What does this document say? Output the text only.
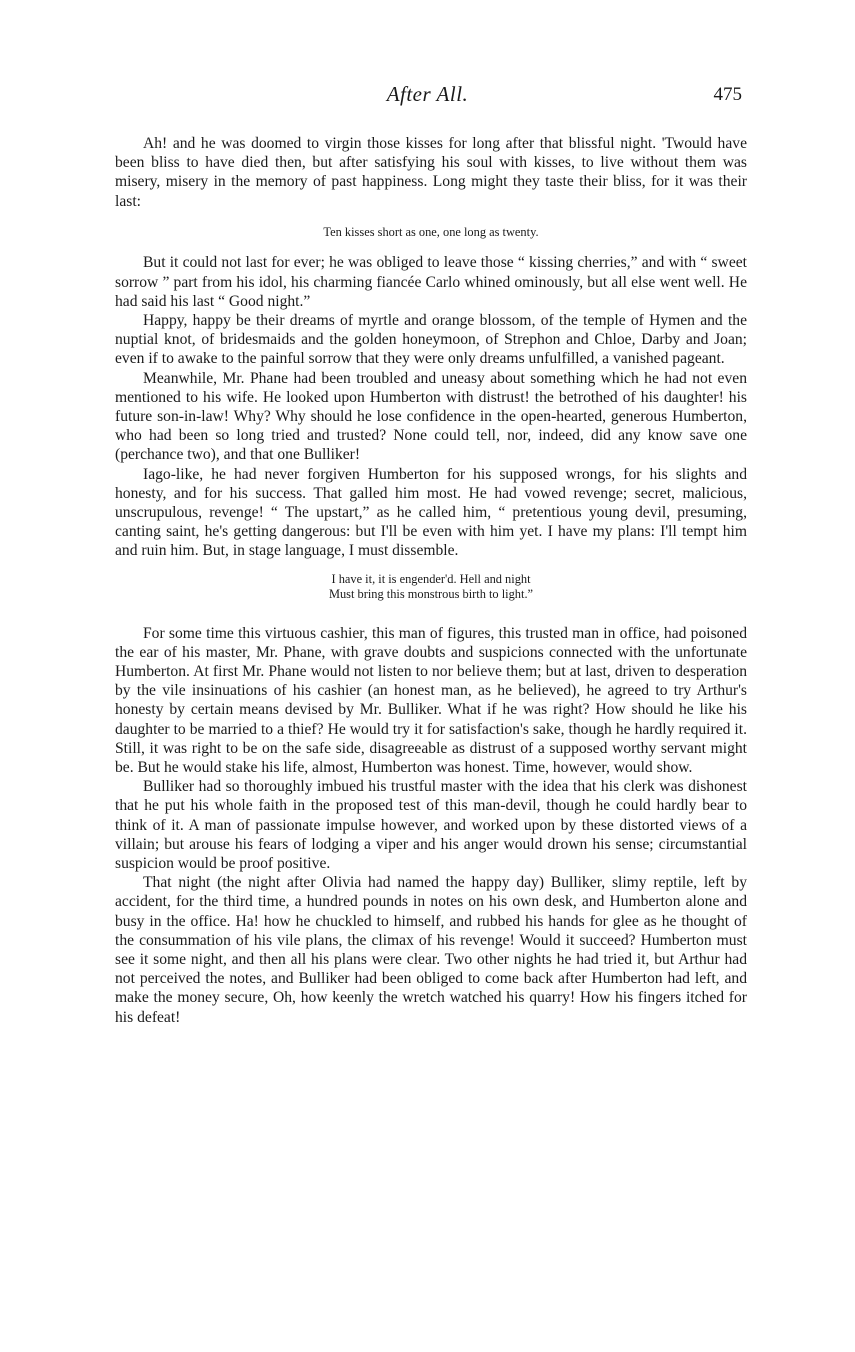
After All.	475

Ah! and he was doomed to virgin those kisses for long after that blissful night. 'Twould have been bliss to have died then, but after satisfying his soul with kisses, to live without them was misery, misery in the memory of past happiness. Long might they taste their bliss, for it was their last:

Ten kisses short as one, one long as twenty.

But it could not last for ever; he was obliged to leave those “ kissing cherries,” and with “ sweet sorrow ” part from his idol, his charming fiancée Carlo whined ominously, but all else went well. He had said his last “ Good night.”

Happy, happy be their dreams of myrtle and orange blossom, of the temple of Hymen and the nuptial knot, of bridesmaids and the golden honeymoon, of Strephon and Chloe, Darby and Joan; even if to awake to the painful sorrow that they were only dreams unfulfilled, a vanished pageant.

Meanwhile, Mr. Phane had been troubled and uneasy about something which he had not even mentioned to his wife. He looked upon Humberton with distrust! the betrothed of his daughter! his future son-in-law! Why? Why should he lose confidence in the open-hearted, generous Humberton, who had been so long tried and trusted? None could tell, nor, indeed, did any know save one (perchance two), and that one Bulliker!

Iago-like, he had never forgiven Humberton for his supposed wrongs, for his slights and honesty, and for his success. That galled him most. He had vowed revenge; secret, malicious, unscrupulous, revenge! “ The upstart,” as he called him, “ pretentious young devil, presuming, canting saint, he's getting dangerous: but I'll be even with him yet. I have my plans: I'll tempt him and ruin him. But, in stage language, I must dissemble.

I have it, it is engender'd. Hell and night
Must bring this monstrous birth to light.”

For some time this virtuous cashier, this man of figures, this trusted man in office, had poisoned the ear of his master, Mr. Phane, with grave doubts and suspicions connected with the unfortunate Humberton. At first Mr. Phane would not listen to nor believe them; but at last, driven to desperation by the vile insinuations of his cashier (an honest man, as he believed), he agreed to try Arthur's honesty by certain means devised by Mr. Bulliker. What if he was right? How should he like his daughter to be married to a thief? He would try it for satisfaction's sake, though he hardly required it. Still, it was right to be on the safe side, disagreeable as distrust of a supposed worthy servant might be. But he would stake his life, almost, Humberton was honest. Time, however, would show.

Bulliker had so thoroughly imbued his trustful master with the idea that his clerk was dishonest that he put his whole faith in the proposed test of this man-devil, though he could hardly bear to think of it. A man of passionate impulse however, and worked upon by these distorted views of a villain; but arouse his fears of lodging a viper and his anger would drown his sense; circumstantial suspicion would be proof positive.

That night (the night after Olivia had named the happy day) Bulliker, slimy reptile, left by accident, for the third time, a hundred pounds in notes on his own desk, and Humberton alone and busy in the office. Ha! how he chuckled to himself, and rubbed his hands for glee as he thought of the consummation of his vile plans, the climax of his revenge! Would it succeed? Humberton must see it some night, and then all his plans were clear. Two other nights he had tried it, but Arthur had not perceived the notes, and Bulliker had been obliged to come back after Humberton had left, and make the money secure, Oh, how keenly the wretch watched his quarry! How his fingers itched for his defeat!
